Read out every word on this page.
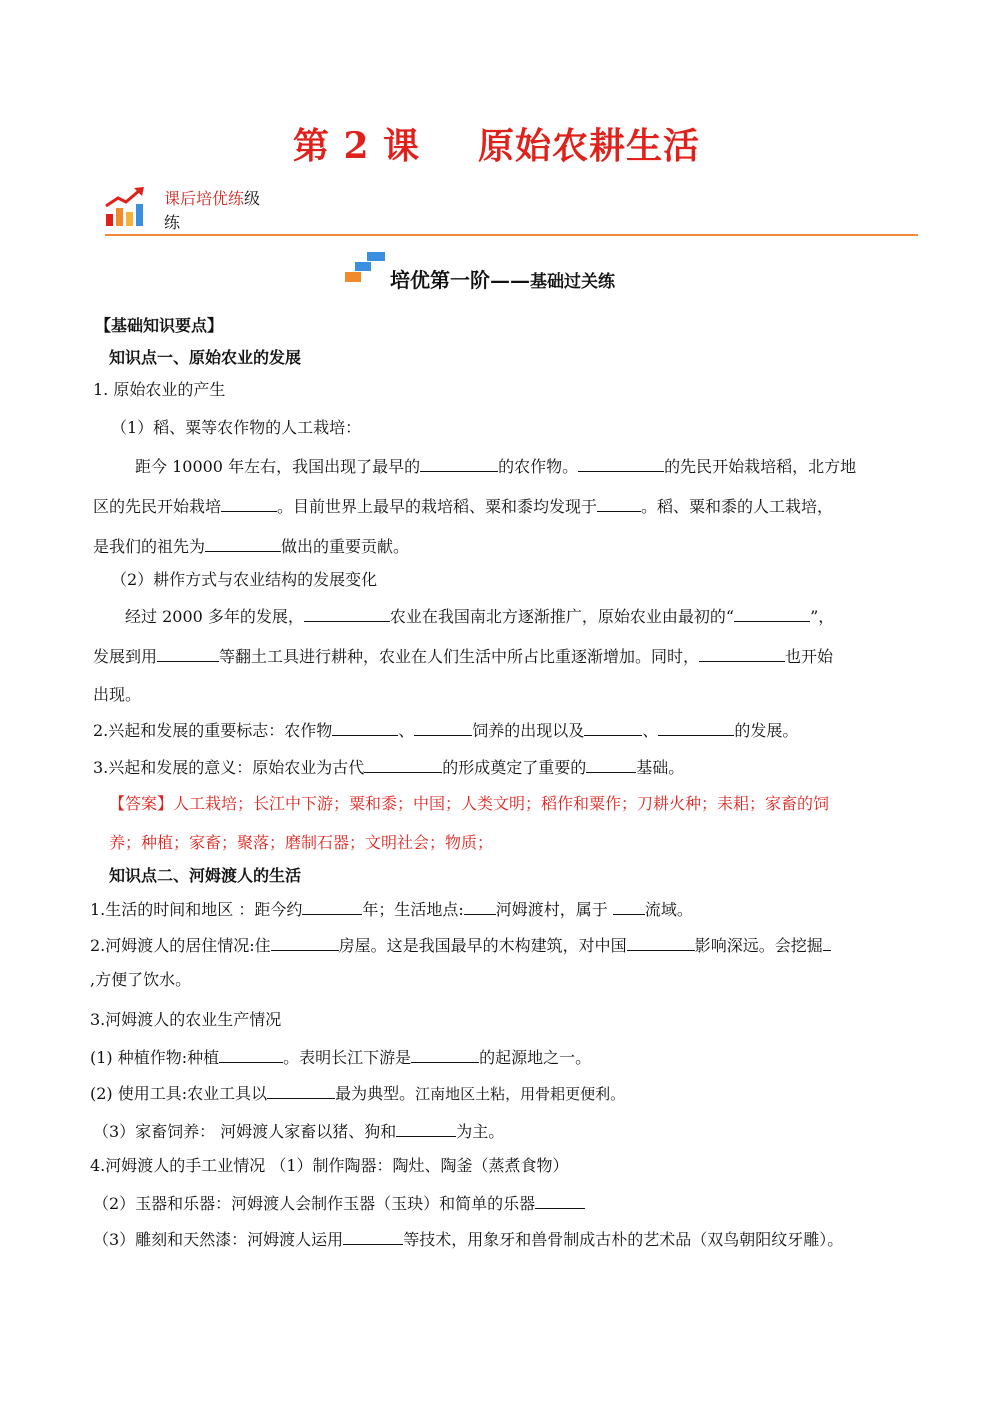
第 2 课 原始农耕生活
课后培优练级
练
培优第一阶——基础过关练
【基础知识要点】
知识点一、原始农业的发展
1. 原始农业的产生
（1）稻、粟等农作物的人工栽培：
距今 10000 年左右，我国出现了最早的	的农作物。	的先民开始栽培稻，北方地
区的先民开始栽培	。目前世界上最早的栽培稻、粟和黍均发现于	。稻、粟和黍的人工栽培，
是我们的祖先为	做出的重要贡献。
（2）耕作方式与农业结构的发展变化
经过 2000 多年的发展，	农业在我国南北方逐渐推广，原始农业由最初的“	”，
发展到用	等翻土工具进行耕种，农业在人们生活中所占比重逐渐增加。同时，	也开始
出现。
2.兴起和发展的重要标志：农作物	、	饲养的出现以及	、	的发展。
3.兴起和发展的意义：原始农业为古代	的形成奠定了重要的	基础。
【答案】人工栽培；长江中下游；粟和黍；中国；人类文明；稻作和粟作；刀耕火种；耒耜；家畜的饲
养；种植；家畜；聚落；磨制石器；文明社会；物质；
知识点二、河姆渡人的生活
1.生活的时间和地区 ：距今约	年；生活地点: 河姆渡村，属于 流域。
2.河姆渡人的居住情况:住	房屋。这是我国最早的木构建筑，对中国	影响深远。会挖掘
,方便了饮水。
3.河姆渡人的农业生产情况
(1) 种植作物:种植	。表明长江下游是	的起源地之一。
(2) 使用工具:农业工具以	最为典型。江南地区土粘，用骨耜更便利。
（3）家畜饲养： 河姆渡人家畜以猪、狗和	为主。
4.河姆渡人的手工业情况 （1）制作陶器：陶灶、陶釜（蒸煮食物）
（2）玉器和乐器：河姆渡人会制作玉器（玉玦）和简单的乐器
（3）雕刻和天然漆：河姆渡人运用	等技术，用象牙和兽骨制成古朴的艺术品（双鸟朝阳纹牙雕）。
